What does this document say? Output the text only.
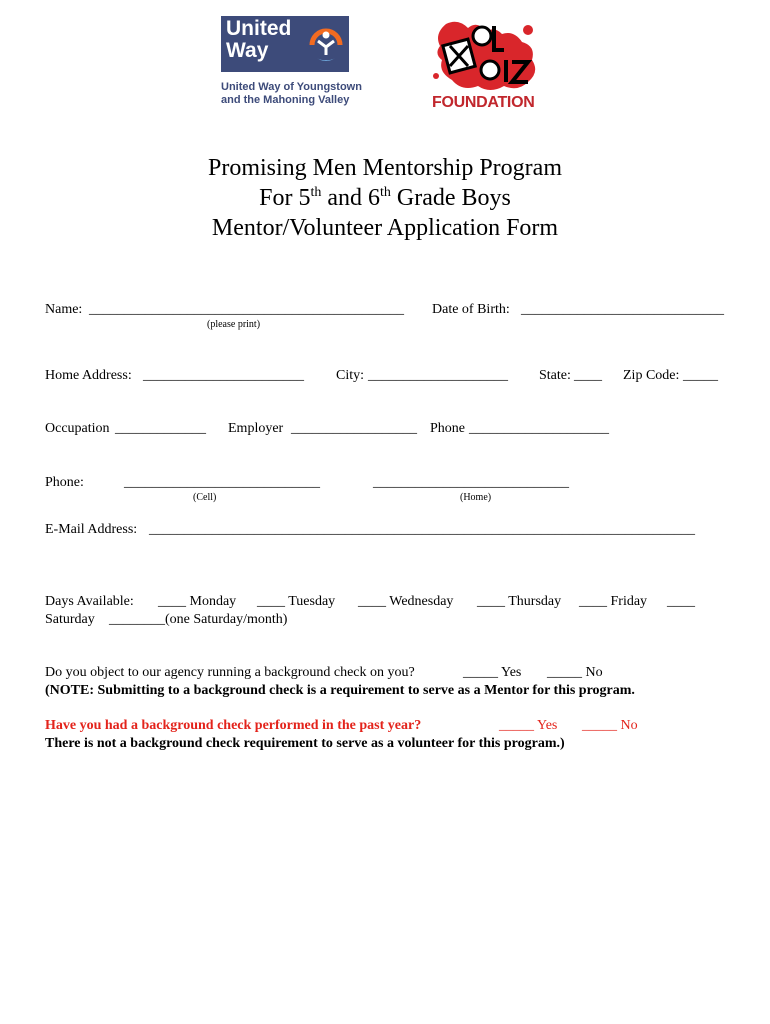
United
Way
United Way of Youngstown
and the Mahoning Valley	FOUNDATION
Promising Men Mentorship Program
For 5th and 6th Grade Boys
Mentor/Volunteer Application Form
Name: _____________________________________________
(please print)
Date of Birth: _____________________________
Home Address: _______________________ City: ____________________ State: ____ Zip Code: _____
Occupation _____________ Employer __________________ Phone ____________________
Phone:	____________________________
(Cell)
____________________________
(Home)
E-Mail Address: ______________________________________________________________________________
Days Available: ____ Monday ____ Tuesday ____ Wednesday ____ Thursday ____ Friday ____
Saturday ________(one Saturday/month)
Do you object to our agency running a background check on you?	_____ Yes _____ No
(NOTE: Submitting to a background check is a requirement to serve as a Mentor for this program.
Have you had a background check performed in the past year?	_____ Yes _____ No
There is not a background check requirement to serve as a volunteer for this program.)
